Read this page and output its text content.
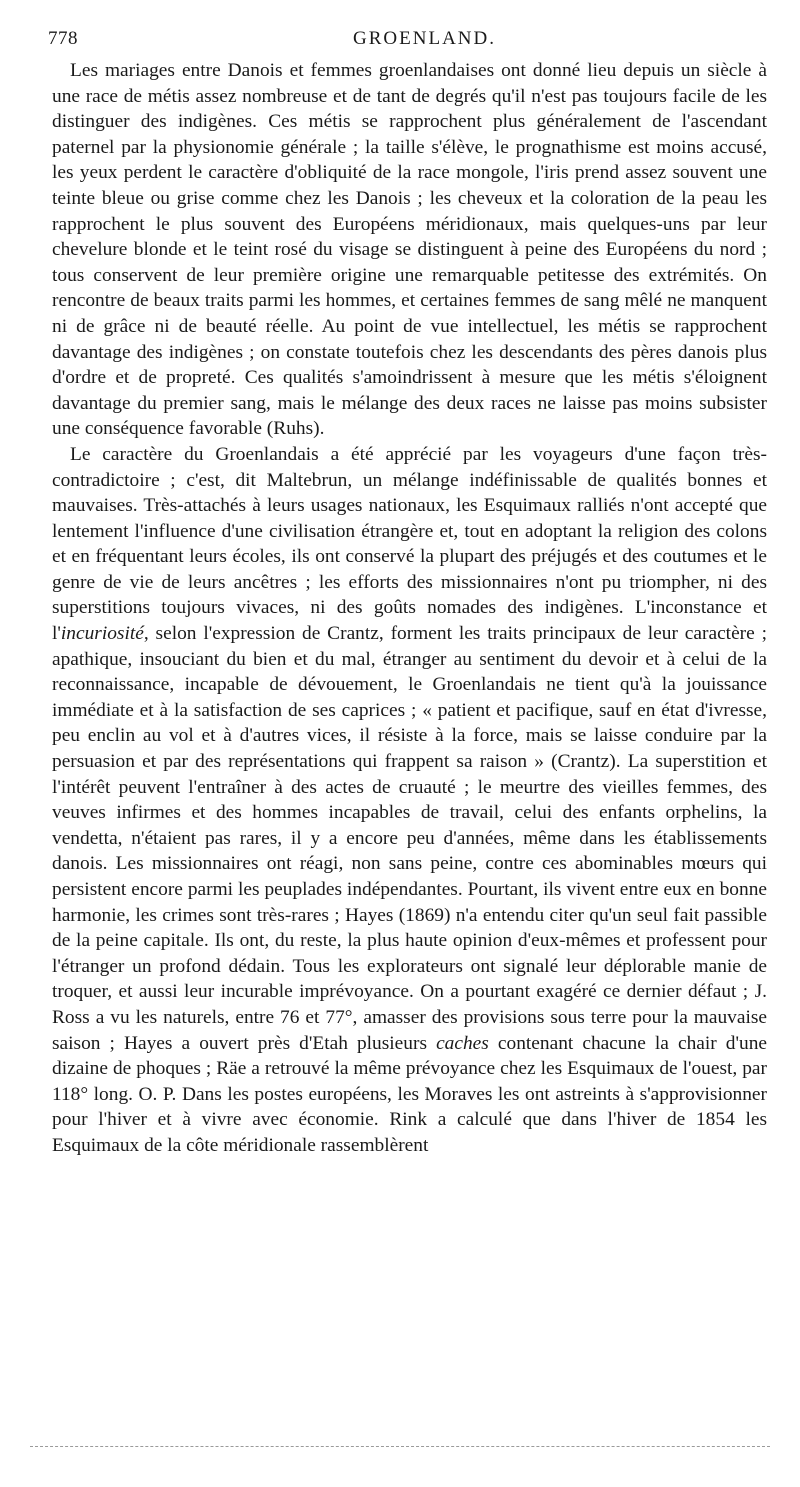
778	GROENLAND.

Les mariages entre Danois et femmes groenlandaises ont donné lieu depuis un siècle à une race de métis assez nombreuse et de tant de degrés qu'il n'est pas toujours facile de les distinguer des indigènes. Ces métis se rapprochent plus généralement de l'ascendant paternel par la physionomie générale ; la taille s'élève, le prognathisme est moins accusé, les yeux perdent le caractère d'obliquité de la race mongole, l'iris prend assez souvent une teinte bleue ou grise comme chez les Danois ; les cheveux et la coloration de la peau les rapprochent le plus souvent des Européens méridionaux, mais quelques-uns par leur chevelure blonde et le teint rosé du visage se distinguent à peine des Européens du nord ; tous conservent de leur première origine une remarquable petitesse des extrémités. On rencontre de beaux traits parmi les hommes, et certaines femmes de sang mêlé ne manquent ni de grâce ni de beauté réelle. Au point de vue intellectuel, les métis se rapprochent davantage des indigènes ; on constate toutefois chez les descendants des pères danois plus d'ordre et de propreté. Ces qualités s'amoindrissent à mesure que les métis s'éloignent davantage du premier sang, mais le mélange des deux races ne laisse pas moins subsister une conséquence favorable (Ruhs).

Le caractère du Groenlandais a été apprécié par les voyageurs d'une façon très-contradictoire ; c'est, dit Maltebrun, un mélange indéfinissable de qualités bonnes et mauvaises. Très-attachés à leurs usages nationaux, les Esquimaux ralliés n'ont accepté que lentement l'influence d'une civilisation étrangère et, tout en adoptant la religion des colons et en fréquentant leurs écoles, ils ont conservé la plupart des préjugés et des coutumes et le genre de vie de leurs ancêtres ; les efforts des missionnaires n'ont pu triompher, ni des superstitions toujours vivaces, ni des goûts nomades des indigènes. L'inconstance et l'incuriosité, selon l'expression de Crantz, forment les traits principaux de leur caractère ; apathique, insouciant du bien et du mal, étranger au sentiment du devoir et à celui de la reconnaissance, incapable de dévouement, le Groenlandais ne tient qu'à la jouissance immédiate et à la satisfaction de ses caprices ; « patient et pacifique, sauf en état d'ivresse, peu enclin au vol et à d'autres vices, il résiste à la force, mais se laisse conduire par la persuasion et par des représentations qui frappent sa raison » (Crantz). La superstition et l'intérêt peuvent l'entraîner à des actes de cruauté ; le meurtre des vieilles femmes, des veuves infirmes et des hommes incapables de travail, celui des enfants orphelins, la vendetta, n'étaient pas rares, il y a encore peu d'années, même dans les établissements danois. Les missionnaires ont réagi, non sans peine, contre ces abominables mœurs qui persistent encore parmi les peuplades indépendantes. Pourtant, ils vivent entre eux en bonne harmonie, les crimes sont très-rares ; Hayes (1869) n'a entendu citer qu'un seul fait passible de la peine capitale. Ils ont, du reste, la plus haute opinion d'eux-mêmes et professent pour l'étranger un profond dédain. Tous les explorateurs ont signalé leur déplorable manie de troquer, et aussi leur incurable imprévoyance. On a pourtant exagéré ce dernier défaut ; J. Ross a vu les naturels, entre 76 et 77°, amasser des provisions sous terre pour la mauvaise saison ; Hayes a ouvert près d'Etah plusieurs caches contenant chacune la chair d'une dizaine de phoques ; Räe a retrouvé la même prévoyance chez les Esquimaux de l'ouest, par 118° long. O. P. Dans les postes européens, les Moraves les ont astreints à s'approvisionner pour l'hiver et à vivre avec économie. Rink a calculé que dans l'hiver de 1854 les Esquimaux de la côte méridionale rassemblèrent
